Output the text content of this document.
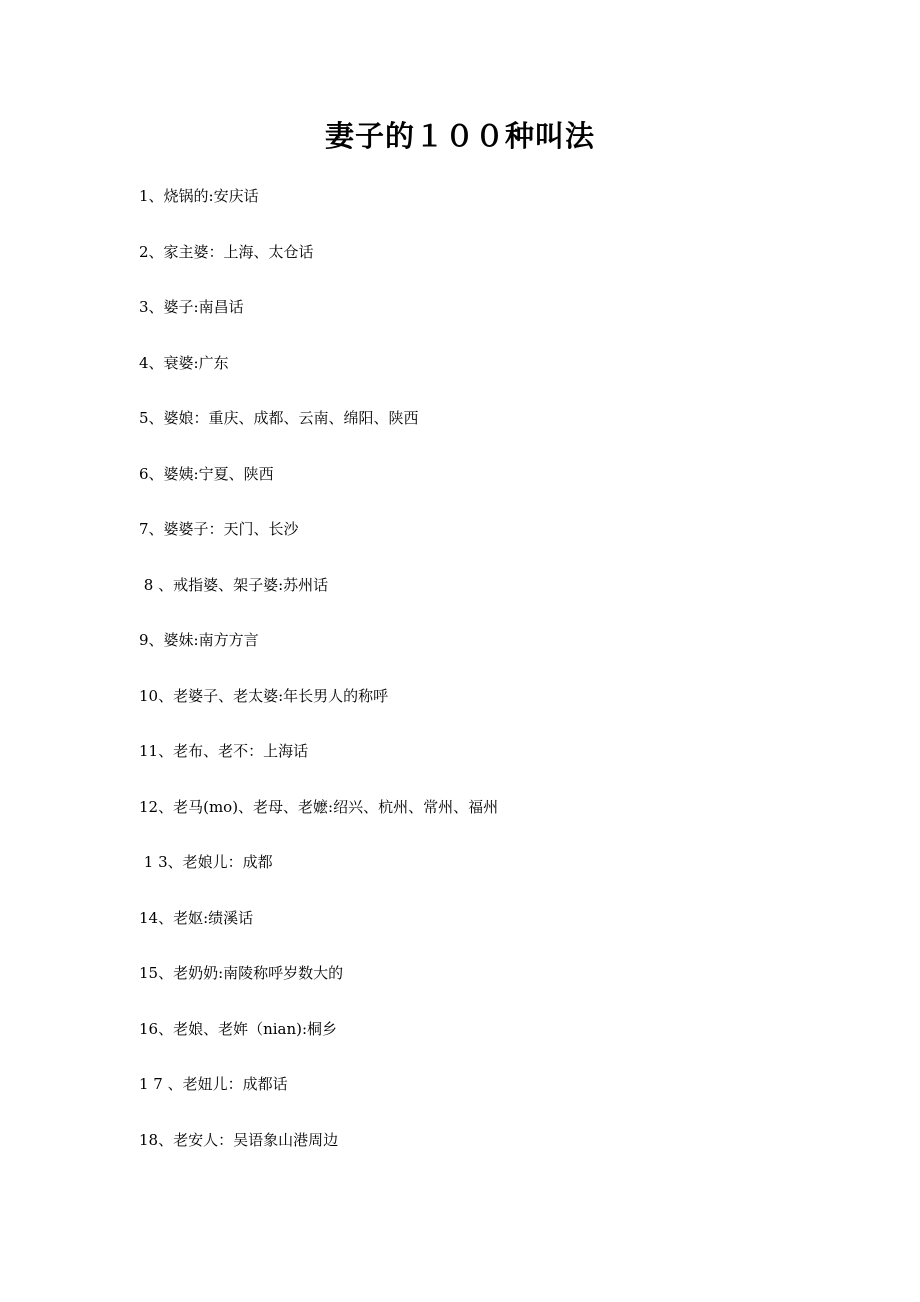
妻子的１００种叫法
1、烧锅的:安庆话
2、家主婆：上海、太仓话
3、婆子:南昌话
4、衰婆:广东
5、婆娘：重庆、成都、云南、绵阳、陕西
6、婆姨:宁夏、陕西
7、婆婆子：天门、长沙
8 、戒指婆、架子婆:苏州话
9、婆妹:南方方言
10、老婆子、老太婆:年长男人的称呼
11、老布、老不：上海话
12、老马(mo)、老母、老嬷:绍兴、杭州、常州、福州
1 3、老娘儿：成都
14、老妪:绩溪话
15、老奶奶:南陵称呼岁数大的
16、老娘、老姩（nian):桐乡
1 7 、老妞儿：成都话
18、老安人：吴语象山港周边
